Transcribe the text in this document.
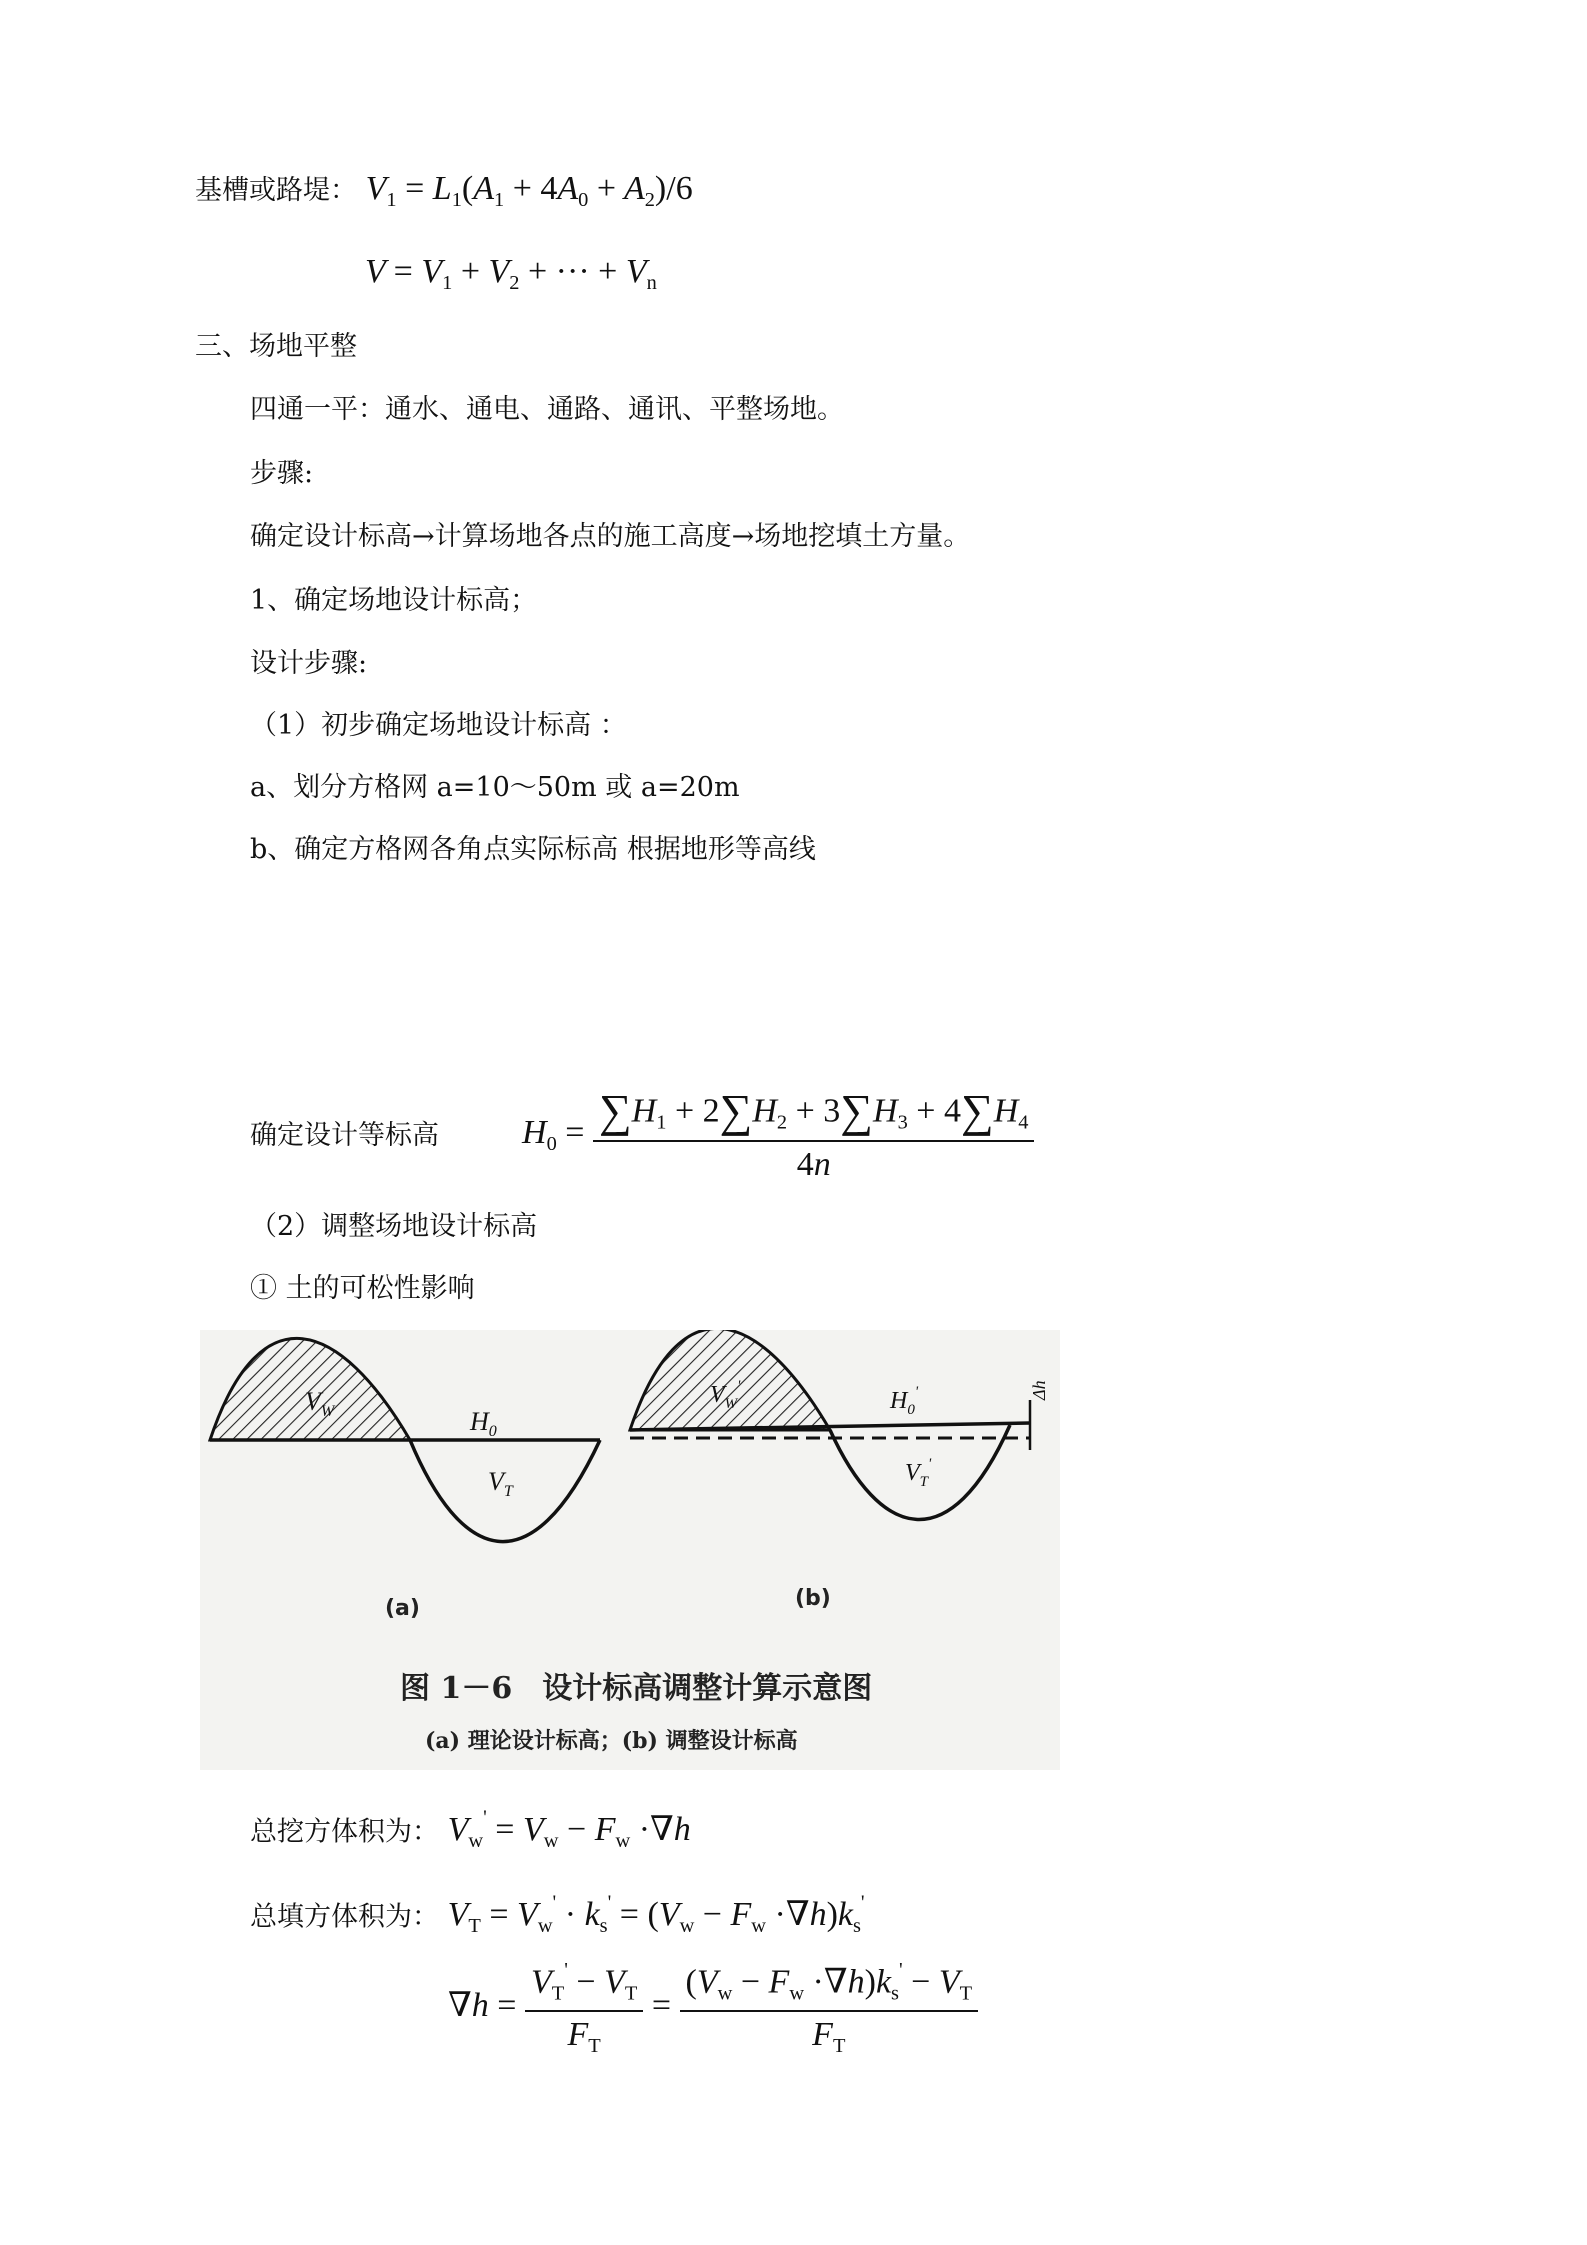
基槽或路堤： $V_1 = L_1(A_1 + 4A_0 + A_2)/6$
$V = V_1 + V_2$ + ··· + $V_n$
三、场地平整
四通一平：通水、通电、通路、通讯、平整场地。
步骤:
确定设计标高→计算场地各点的施工高度→场地挖填土方量。
1、确定场地设计标高；
设计步骤:
（1）初步确定场地设计标高 ：
a、划分方格网 a=10～50m 或 a=20m
b、确定方格网各角点实际标高 根据地形等高线
确定设计等标高 $H_0 = \frac{\sum H_1 + 2\sum H_2 + 3\sum H_3 + 4\sum H_4}{4n}$
（2）调整场地设计标高
① 土的可松性影响
$V_W$	$H_0$
$V_T$
(a)
Δh
$H_0'$
$V_T'$
$V_W'$
(b)
图 1－6　设计标高调整计算示意图
(a) 理论设计标高；(b) 调整设计标高
总挖方体积为： $V_w' = V_w - F_w \cdot\nabla h$
总填方体积为： $V_T = V_w' \cdot k_s' = (V_w - F_w \cdot\nabla h)k_s'$
$\nabla h = \frac{V_T' - V_T}{F_T} = \frac{(V_w - F_w \cdot\nabla h)k_s' - V_T}{F_T}$
